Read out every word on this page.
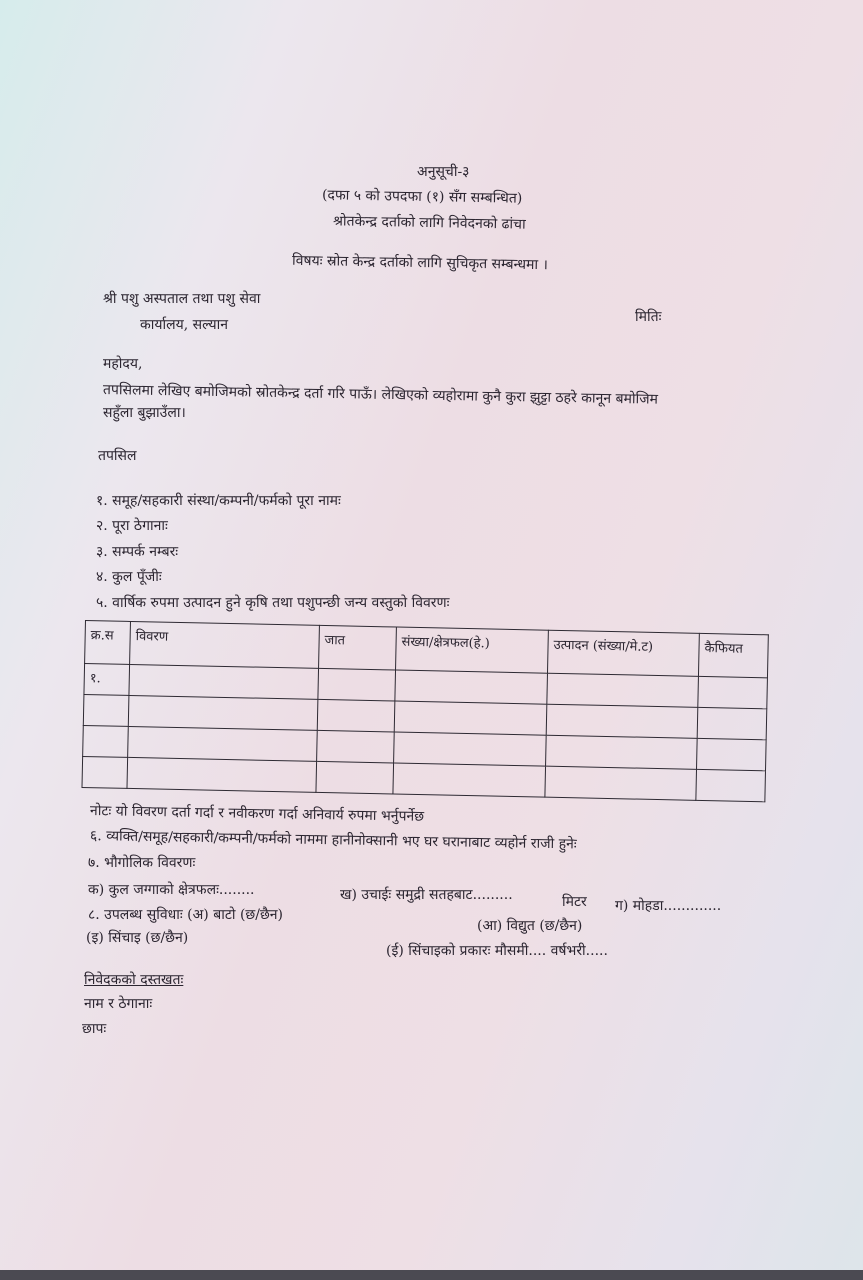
अनुसूची-३
(दफा ५ को उपदफा (१) सँग सम्बन्धित)
श्रोतकेन्द्र दर्ताको लागि निवेदनको ढांचा
विषयः स्रोत केन्द्र दर्ताको लागि सुचिकृत सम्बन्धमा ।
श्री पशु अस्पताल तथा पशु सेवा
कार्यालय, सल्यान	मितिः
महोदय,
तपसिलमा लेखिए बमोजिमको स्रोतकेन्द्र दर्ता गरि पाऊँ। लेखिएको व्यहोरामा कुनै कुरा झुट्टा ठहरे कानून बमोजिम
सहुँला बुझाउँला।
तपसिल
१. समूह/सहकारी संस्था/कम्पनी/फर्मको पूरा नामः
२. पूरा ठेगानाः
३. सम्पर्क नम्बरः
४. कुल पूँजीः
५. वार्षिक रुपमा उत्पादन हुने कृषि तथा पशुपन्छी जन्य वस्तुको विवरणः
क्र.स	विवरण	जात	संख्या/क्षेत्रफल(हे.)	उत्पादन (संख्या/मे.ट)	कैफियत
१.					

नोटः यो विवरण दर्ता गर्दा र नवीकरण गर्दा अनिवार्य रुपमा भर्नुपर्नेछ
६. व्यक्ति/समूह/सहकारी/कम्पनी/फर्मको नाममा हानीनोक्सानी भए घर घरानाबाट व्यहोर्न राजी हुनेः
७. भौगोलिक विवरणः
क) कुल जग्गाको क्षेत्रफलः........	ख) उचाईः समुद्री सतहबाट.........	मिटर ग) मोहडा.............
८. उपलब्ध सुविधाः (अ) बाटो (छ/छैन)
(आ) विद्युत (छ/छैन)
(इ) सिंचाइ (छ/छैन)
(ई) सिंचाइको प्रकारः मौसमी.... वर्षभरी.....
निवेदकको दस्तखतः
नाम र ठेगानाः
छापः
